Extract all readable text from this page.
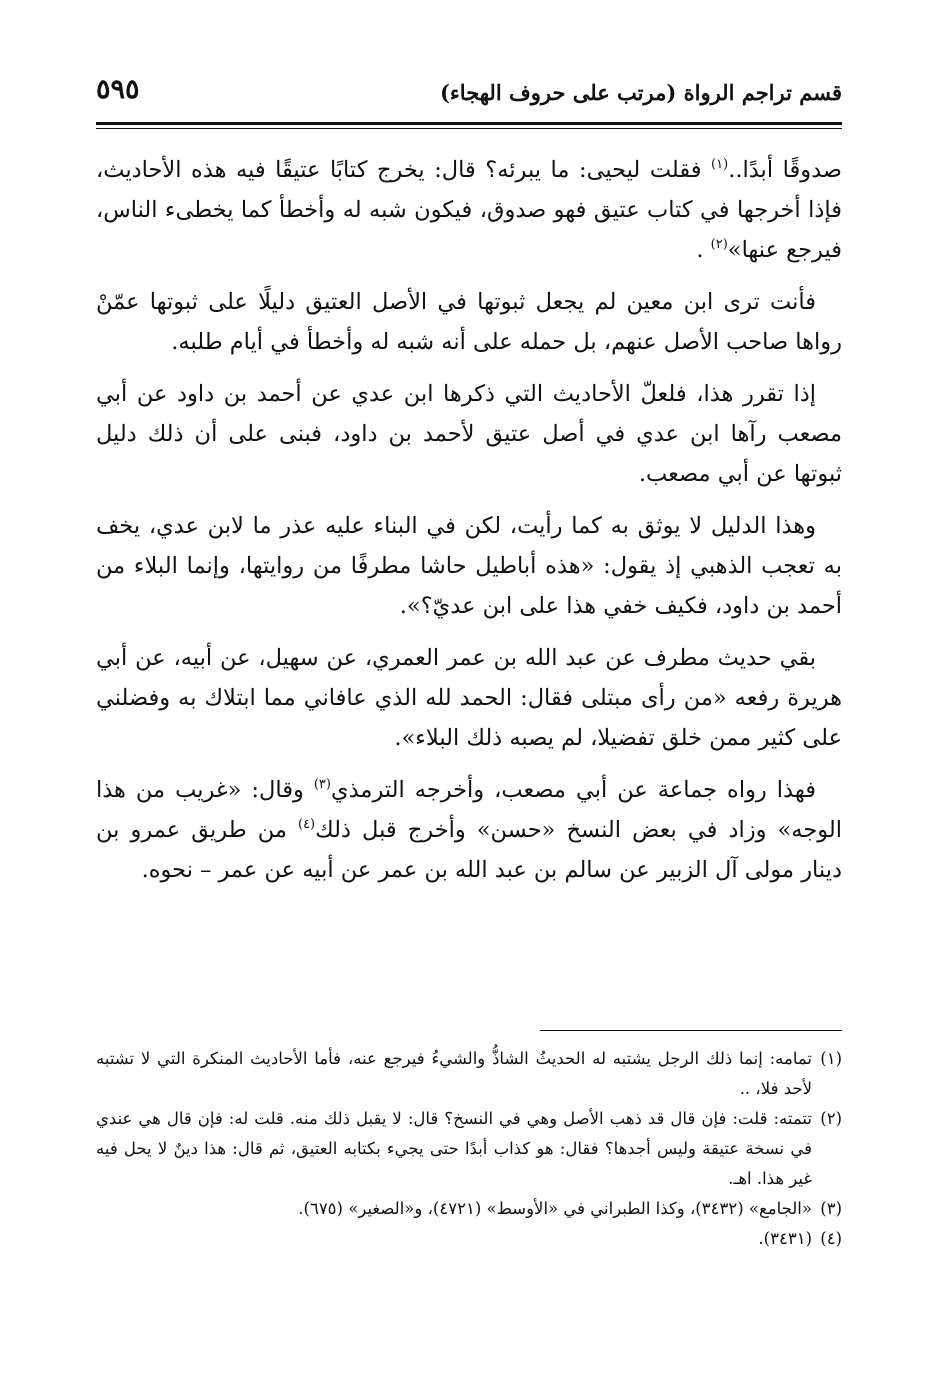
قسم تراجم الرواة (مرتب على حروف الهجاء)
٥٩٥

صدوقًا أبدًا..$^{(١)}$ فقلت ليحيى: ما يبرئه؟ قال: يخرج كتابًا عتيقًا فيه هذه الأحاديث، فإذا أخرجها في كتاب عتيق فهو صدوق، فيكون شبه له وأخطأ كما يخطىء الناس، فيرجع عنها»$^{(٢)}$ .

فأنت ترى ابن معين لم يجعل ثبوتها في الأصل العتيق دليلًا على ثبوتها عمّنْ رواها صاحب الأصل عنهم، بل حمله على أنه شبه له وأخطأ في أيام طلبه.

إذا تقرر هذا، فلعلّ الأحاديث التي ذكرها ابن عدي عن أحمد بن داود عن أبي مصعب رآها ابن عدي في أصل عتيق لأحمد بن داود، فبنى على أن ذلك دليل ثبوتها عن أبي مصعب.

وهذا الدليل لا يوثق به كما رأيت، لكن في البناء عليه عذر ما لابن عدي، يخف به تعجب الذهبي إذ يقول: «هذه أباطيل حاشا مطرفًا من روايتها، وإنما البلاء من أحمد بن داود، فكيف خفي هذا على ابن عديّ؟».

بقي حديث مطرف عن عبد الله بن عمر العمري، عن سهيل، عن أبيه، عن أبي هريرة رفعه «من رأى مبتلى فقال: الحمد لله الذي عافاني مما ابتلاك به وفضلني على كثير ممن خلق تفضيلا، لم يصبه ذلك البلاء».

فهذا رواه جماعة عن أبي مصعب، وأخرجه الترمذي$^{(٣)}$ وقال: «غريب من هذا الوجه» وزاد في بعض النسخ «حسن» وأخرج قبل ذلك$^{(٤)}$ من طريق عمرو بن دينار مولى آل الزبير عن سالم بن عبد الله بن عمر عن أبيه عن عمر – نحوه.

(١)تمامه: إنما ذلك الرجل يشتبه له الحديثُ الشاذُّ والشيءُ فيرجع عنه، فأما الأحاديث المنكرة التي لا تشتبه لأحد فلا، ..

(٢)تتمته: قلت: فإن قال قد ذهب الأصل وهي في النسخ؟ قال: لا يقبل ذلك منه. قلت له: فإن قال هي عندي في نسخة عتيقة وليس أجدها؟ فقال: هو كذاب أبدًا حتى يجيء بكتابه العتيق، ثم قال: هذا دينٌ لا يحل فيه غير هذا. اهـ.

(٣)«الجامع» (٣٤٣٢)، وكذا الطبراني في «الأوسط» (٤٧٢١)، و«الصغير» (٦٧٥).

(٤)(٣٤٣١).
